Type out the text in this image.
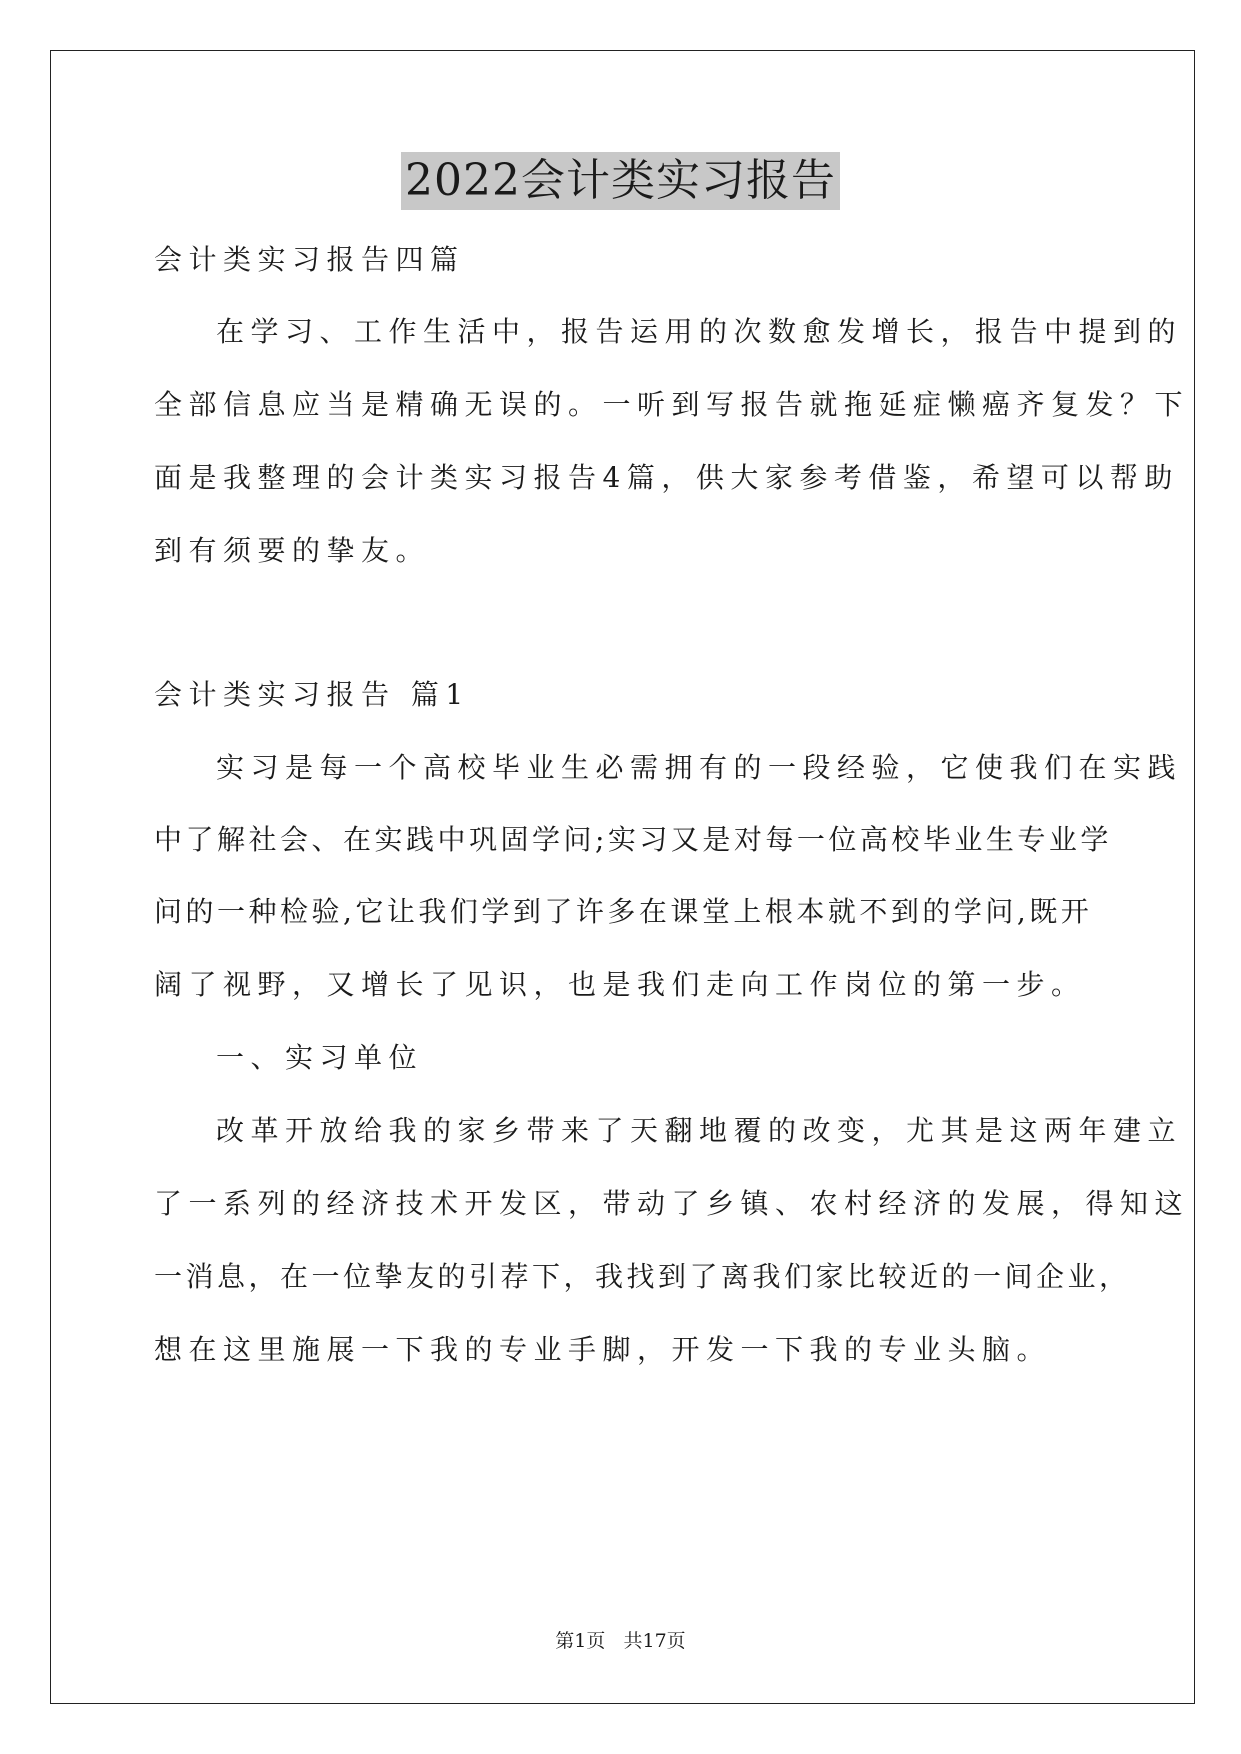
2022会计类实习报告
会计类实习报告四篇
在学习、工作生活中，报告运用的次数愈发增长，报告中提到的
全部信息应当是精确无误的。一听到写报告就拖延症懒癌齐复发？下
面是我整理的会计类实习报告4篇，供大家参考借鉴，希望可以帮助
到有须要的挚友。
会计类实习报告 篇1
实习是每一个高校毕业生必需拥有的一段经验，它使我们在实践
中了解社会、在实践中巩固学问;实习又是对每一位高校毕业生专业学
问的一种检验,它让我们学到了许多在课堂上根本就不到的学问,既开
阔了视野，又增长了见识，也是我们走向工作岗位的第一步。
一、实习单位
改革开放给我的家乡带来了天翻地覆的改变，尤其是这两年建立
了一系列的经济技术开发区，带动了乡镇、农村经济的发展，得知这
一消息，在一位挚友的引荐下，我找到了离我们家比较近的一间企业，
想在这里施展一下我的专业手脚，开发一下我的专业头脑。
第1页   共17页
